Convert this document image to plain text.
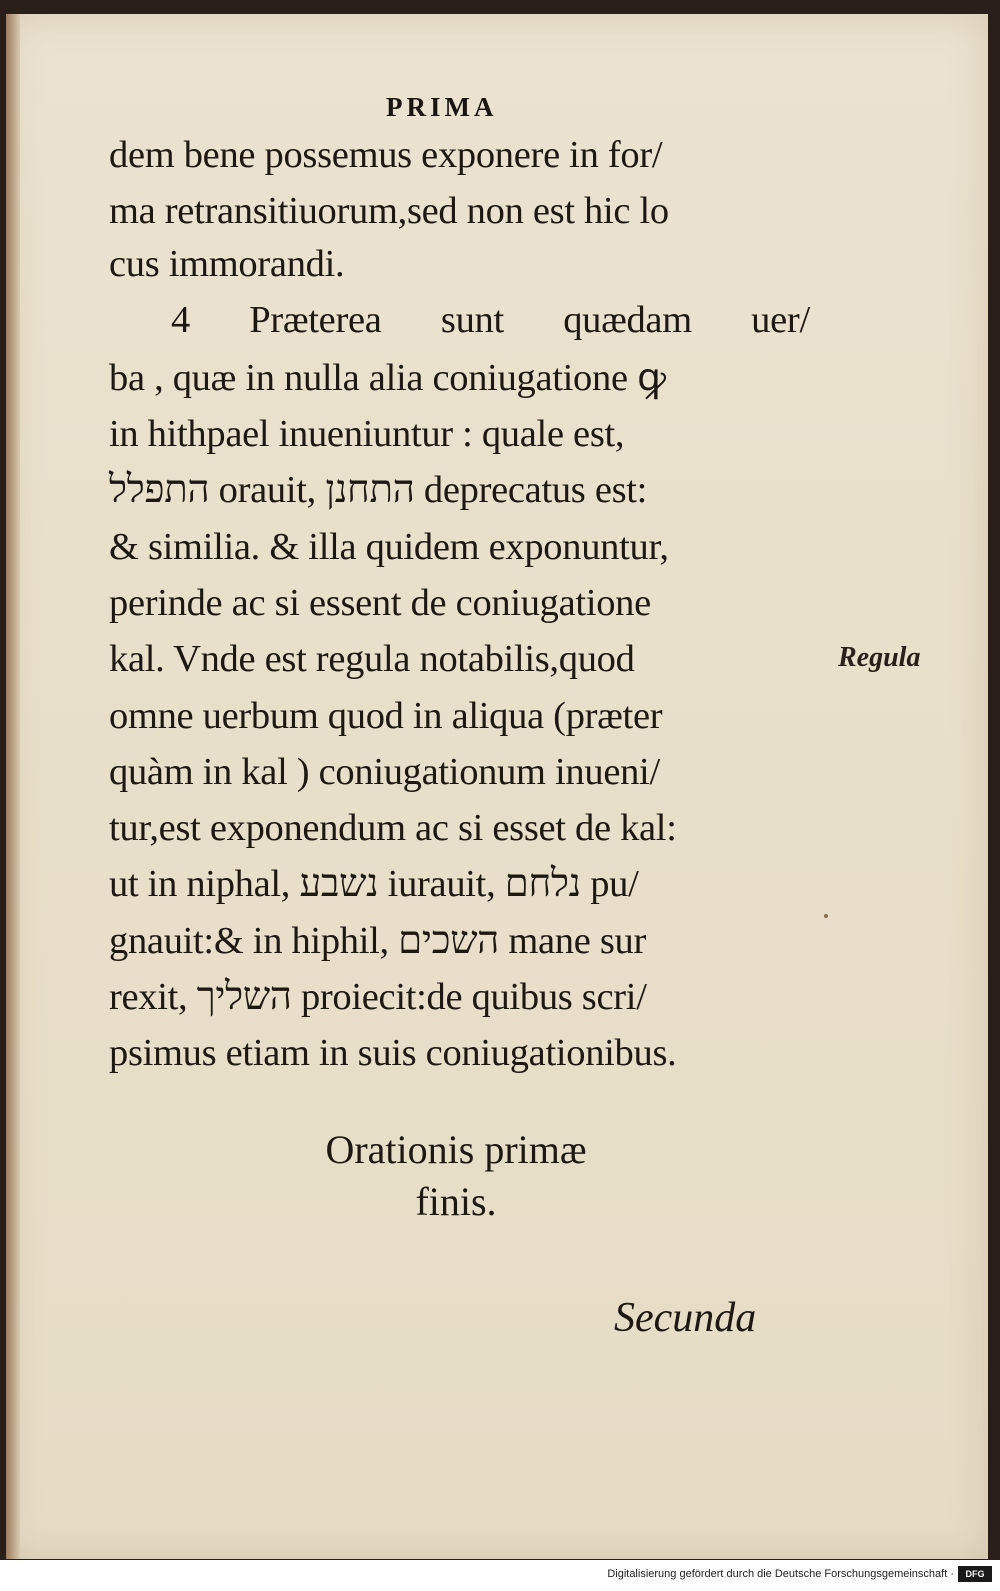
PRIMA
dem bene possemus exponere in for/
ma retransitiuorum,sed non est hic lo
cus immorandi.
4 Præterea sunt quædam uer/
ba , quæ in nulla alia coniugatione ꝙ
in hithpael inueniuntur : quale est,
התפלל orauit, התחנן deprecatus est:
& similia. & illa quidem exponuntur,
perinde ac si essent de coniugatione
kal. Vnde est regula notabilis,quod
omne uerbum quod in aliqua (præter
quàm in kal ) coniugationum inueni/
tur,est exponendum ac si esset de kal:
ut in niphal, נשבע iurauit, נלחם pu/
gnauit:& in hiphil, השכים mane sur
rexit, השליך proiecit:de quibus scri/
psimus etiam in suis coniugationibus.
Regula
Orationis primæ
finis.
Secunda
Digitalisierung gefördert durch die Deutsche Forschungsgemeinschaft ·	DFG
